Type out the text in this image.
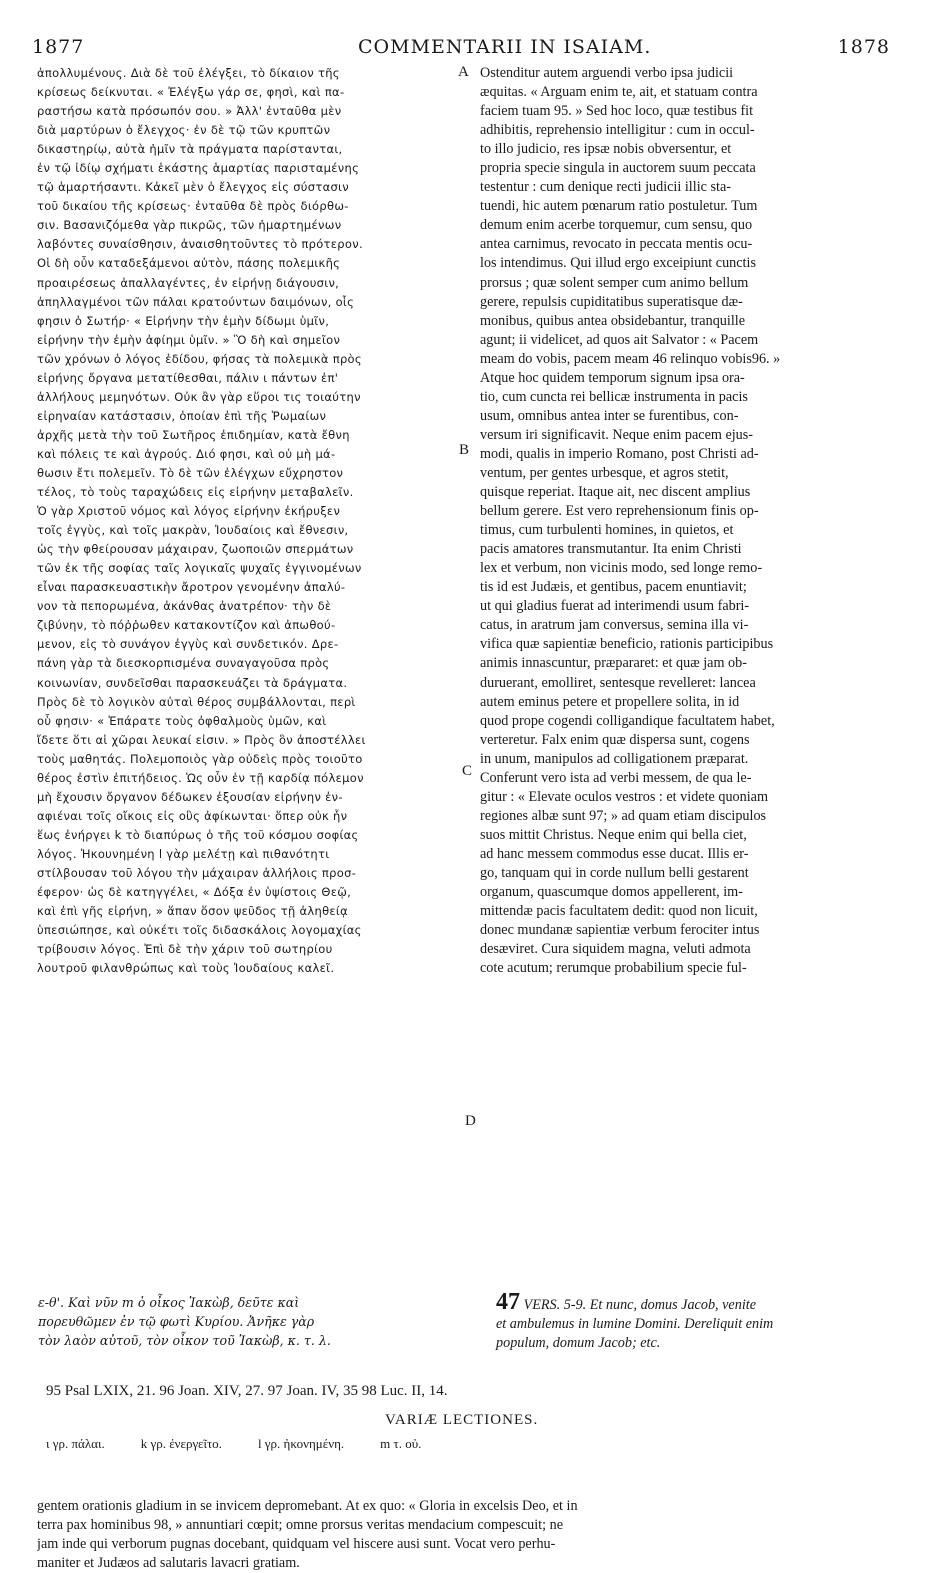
1877	COMMENTARII IN ISAIAM.	1878
ἀπολλυμένους. Διὰ δὲ τοῦ ἐλέγξει, τὸ δίκαιον τῆς
κρίσεως δείκνυται. « Ἐλέγξω γάρ σε, φησὶ, καὶ πα-
ραστήσω κατὰ πρόσωπόν σου. » Ἀλλ' ἐνταῦθα μὲν
διὰ μαρτύρων ὁ ἔλεγχος· ἐν δὲ τῷ τῶν κρυπτῶν
δικαστηρίῳ, αὐτὰ ἡμῖν τὰ πράγματα παρίστανται,
ἐν τῷ ἰδίῳ σχήματι ἑκάστης ἁμαρτίας παρισταμένης
τῷ ἁμαρτήσαντι. Κἀκεῖ μὲν ὁ ἔλεγχος εἰς σύστασιν
τοῦ δικαίου τῆς κρίσεως· ἐνταῦθα δὲ πρὸς διόρθω-
σιν. Βασανιζόμεθα γὰρ πικρῶς, τῶν ἡμαρτημένων
λαβόντες συναίσθησιν, ἀναισθητοῦντες τὸ πρότερον.
Οἱ δὴ οὖν καταδεξάμενοι αὐτὸν, πάσης πολεμικῆς
προαιρέσεως ἀπαλλαγέντες, ἐν εἰρήνῃ διάγουσιν,
ἀπηλλαγμένοι τῶν πάλαι κρατούντων δαιμόνων, οἷς
φησιν ὁ Σωτήρ· « Εἰρήνην τὴν ἐμὴν δίδωμι ὑμῖν,
εἰρήνην τὴν ἐμὴν ἀφίημι ὑμῖν. » Ὃ δὴ καὶ σημεῖον
τῶν χρόνων ὁ λόγος ἐδίδου, φήσας τὰ πολεμικὰ πρὸς
εἰρήνης ὄργανα μετατίθεσθαι, πάλιν ι πάντων ἐπ'
ἀλλήλους μεμηνότων. Οὐκ ἂν γὰρ εὕροι τις τοιαύτην
εἰρηναίαν κατάστασιν, ὁποίαν ἐπὶ τῆς Ῥωμαίων
ἀρχῆς μετὰ τὴν τοῦ Σωτῆρος ἐπιδημίαν, κατὰ ἔθνη
καὶ πόλεις τε καὶ ἀγρούς. Διό φησι, καὶ οὐ μὴ μά-
θωσιν ἔτι πολεμεῖν. Τὸ δὲ τῶν ἐλέγχων εὔχρηστον
τέλος, τὸ τοὺς ταραχώδεις εἰς εἰρήνην μεταβαλεῖν.
Ὁ γὰρ Χριστοῦ νόμος καὶ λόγος εἰρήνην ἐκήρυξεν
τοῖς ἐγγὺς, καὶ τοῖς μακρὰν, Ἰουδαίοις καὶ ἔθνεσιν,
ὡς τὴν φθείρουσαν μάχαιραν, ζωοποιῶν σπερμάτων
τῶν ἐκ τῆς σοφίας ταῖς λογικαῖς ψυχαῖς ἐγγινομένων
εἶναι παρασκευαστικὴν ἄροτρον γενομένην ἀπαλύ-
νον τὰ πεπορωμένα, ἀκάνθας ἀνατρέπον· τὴν δὲ
ζιβύνην, τὸ πόῤῥωθεν κατακοντίζον καὶ ἀπωθού-
μενον, εἰς τὸ συνάγον ἐγγὺς καὶ συνδετικόν. Δρε-
πάνη γὰρ τὰ διεσκορπισμένα συναγαγοῦσα πρὸς
κοινωνίαν, συνδεῖσθαι παρασκευάζει τὰ δράγματα.
Πρὸς δὲ τὸ λογικὸν αὐταὶ θέρος συμβάλλονται, περὶ
οὗ φησιν· « Ἐπάρατε τοὺς ὀφθαλμοὺς ὑμῶν, καὶ
ἴδετε ὅτι αἱ χῶραι λευκαί εἰσιν. » Πρὸς ὃν ἀποστέλλει
τοὺς μαθητάς. Πολεμοποιὸς γὰρ οὐδεὶς πρὸς τοιοῦτο
θέρος ἐστὶν ἐπιτήδειος. Ὡς οὖν ἐν τῇ καρδίᾳ πόλεμον
μὴ ἔχουσιν ὄργανον δέδωκεν ἐξουσίαν εἰρήνην ἐν-
αφιέναι τοῖς οἴκοις εἰς οὓς ἀφίκωνται· ὅπερ οὐκ ἦν
ἕως ἐνήργει k τὸ διαπύρως ὁ τῆς τοῦ κόσμου σοφίας
λόγος. Ἠκουνημένη l γὰρ μελέτῃ καὶ πιθανότητι
στίλβουσαν τοῦ λόγου τὴν μάχαιραν ἀλλήλοις προσ-
έφερον· ὡς δὲ κατηγγέλει, « Δόξα ἐν ὑψίστοις Θεῷ,
καὶ ἐπὶ γῆς εἰρήνη, » ἅπαν ὅσον ψεῦδος τῇ ἀληθείᾳ
ὑπεσιώπησε, καὶ οὐκέτι τοῖς διδασκάλοις λογομαχίας
τρίβουσιν λόγος. Ἐπὶ δὲ τὴν χάριν τοῦ σωτηρίου
λουτροῦ φιλανθρώπως καὶ τοὺς Ἰουδαίους καλεῖ.
Ostenditur autem arguendi verbo ipsa judicii
æquitas. « Arguam enim te, ait, et statuam contra
faciem tuam 95. » Sed hoc loco, quæ testibus fit
adhibitis, reprehensio intelligitur : cum in occul-
to illo judicio, res ipsæ nobis obversentur, et
propria specie singula in auctorem suum peccata
testentur : cum denique recti judicii illic sta-
tuendi, hic autem pœnarum ratio postuletur. Tum
demum enim acerbe torquemur, cum sensu, quo
antea carnimus, revocato in peccata mentis ocu-
los intendimus. Qui illud ergo exceipiunt cunctis
prorsus ; quæ solent semper cum animo bellum
gerere, repulsis cupiditatibus superatisque dæ-
monibus, quibus antea obsidebantur, tranquille
agunt; ii videlicet, ad quos ait Salvator : « Pacem
meam do vobis, pacem meam 46 relinquo vobis96. »
Atque hoc quidem temporum signum ipsa ora-
tio, cum cuncta rei bellicæ instrumenta in pacis
usum, omnibus antea inter se furentibus, con-
versum iri significavit. Neque enim pacem ejus-
modi, qualis in imperio Romano, post Christi ad-
ventum, per gentes urbesque, et agros stetit,
quisque reperiat. Itaque ait, nec discent amplius
bellum gerere. Est vero reprehensionum finis op-
timus, cum turbulenti homines, in quietos, et
pacis amatores transmutantur. Ita enim Christi
lex et verbum, non vicinis modo, sed longe remo-
tis id est Judæis, et gentibus, pacem enuntiavit;
ut qui gladius fuerat ad interimendi usum fabri-
catus, in aratrum jam conversus, semina illa vi-
vifica quæ sapientiæ beneficio, rationis participibus
animis innascuntur, præpararet: et quæ jam ob-
duruerant, emolliret, sentesque revelleret: lancea
autem eminus petere et propellere solita, in id
quod prope cogendi colligandique facultatem habet,
verteretur. Falx enim quæ dispersa sunt, cogens
in unum, manipulos ad colligationem præparat.
Conferunt vero ista ad verbi messem, de qua le-
gitur : « Elevate oculos vestros : et videte quoniam
regiones albæ sunt 97; » ad quam etiam discipulos
suos mittit Christus. Neque enim qui bella ciet,
ad hanc messem commodus esse ducat. Illis er-
go, tanquam qui in corde nullum belli gestarent
organum, quascumque domos appellerent, im-
mittendæ pacis facultatem dedit: quod non licuit,
donec mundanæ sapientiæ verbum ferociter intus
desæviret. Cura siquidem magna, veluti admota
cote acutum; rerumque probabilium specie ful-
A
B
C
D
gentem orationis gladium in se invicem depromebant. At ex quo: « Gloria in excelsis Deo, et in
terra pax hominibus 98, » annuntiari cœpit; omne prorsus veritas mendacium compescuit; ne
jam inde qui verborum pugnas docebant, quidquam vel hiscere ausi sunt. Vocat vero perhu-
maniter et Judæos ad salutaris lavacri gratiam.
ε-θ'. Καὶ νῦν m ὁ οἶκος Ἰακὼβ, δεῦτε καὶ
πορευθῶμεν ἐν τῷ φωτὶ Κυρίου. Ἀνῆκε γὰρ
τὸν λαὸν αὐτοῦ, τὸν οἶκον τοῦ Ἰακὼβ, κ. τ. λ.
47 VERS. 5-9. Et nunc, domus Jacob, venite
et ambulemus in lumine Domini. Dereliquit enim
populum, domum Jacob; etc.
95 Psal LXIX, 21. 96 Joan. XIV, 27. 97 Joan. IV, 35 98 Luc. II, 14.
VARIÆ LECTIONES.
ι γρ. πάλαι.	k γρ. ἐνεργεῖτο.	l γρ. ἠκονημένη.	m τ. οὐ.
